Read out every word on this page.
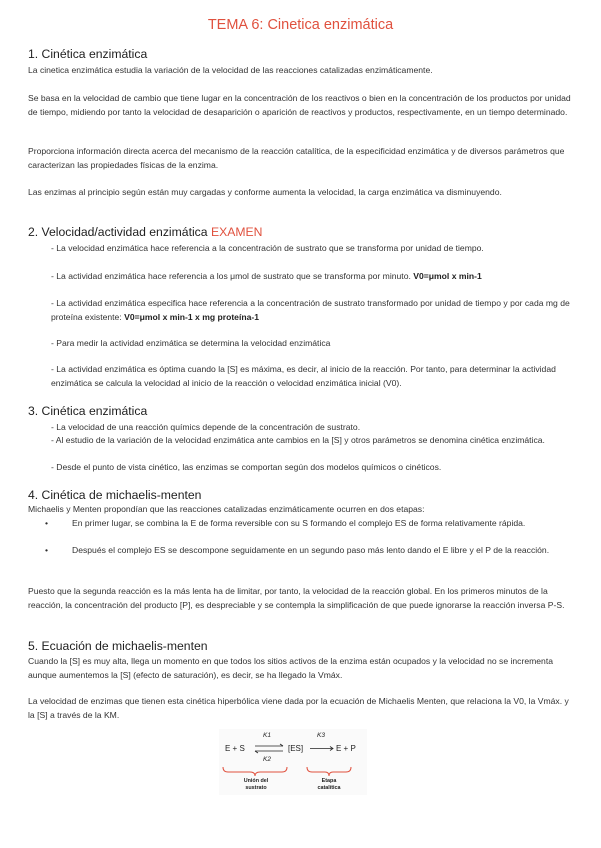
TEMA 6: Cinetica enzimática
1. Cinética enzimática
La cinetica enzimática estudia la variación de la velocidad de las reacciones catalizadas enzimáticamente.
Se basa en la velocidad de cambio que tiene lugar en la concentración de los reactivos o bien en la concentración de los productos por unidad de tiempo, midiendo por tanto la velocidad de desaparición o aparición de reactivos y productos, respectivamente, en un tiempo determinado.
Proporciona información directa acerca del mecanismo de la reacción catalítica, de la especificidad enzimática y de diversos parámetros que caracterizan las propiedades físicas de la enzima.
Las enzimas al principio según están muy cargadas y conforme aumenta la velocidad, la carga enzimática va disminuyendo.
2. Velocidad/actividad enzimática EXAMEN
- La velocidad enzimática hace referencia a la concentración de sustrato que se transforma por unidad de tiempo.
- La actividad enzimática hace referencia a los μmol de sustrato que se transforma por minuto. V0=μmol x min-1
- La actividad enzimática especifica hace referencia a la concentración de sustrato transformado por unidad de tiempo y por cada mg de proteína existente: V0=μmol x min-1 x mg proteína-1
- Para medir la actividad enzimática se determina la velocidad enzimática
- La actividad enzimática es óptima cuando la [S] es máxima, es decir, al inicio de la reacción. Por tanto, para determinar la actividad enzimática se calcula la velocidad al inicio de la reacción o velocidad enzimática inicial (V0).
3. Cinética enzimática
- La velocidad de una reacción químics depende de la concentración de sustrato.
- Al estudio de la variación de la velocidad enzimática ante cambios en la [S] y otros parámetros se denomina cinética enzimática.
- Desde el punto de vista cinético, las enzimas se comportan según dos modelos químicos o cinéticos.
4. Cinética de michaelis-menten
Michaelis y Menten propondían que las reacciones catalizadas enzimáticamente ocurren en dos etapas:
•	En primer lugar, se combina la E de forma reversible con su S formando el complejo ES de forma relativamente rápida.
•	Después el complejo ES se descompone seguidamente en un segundo paso más lento dando el E libre y el P de la reacción.
Puesto que la segunda reacción es la más lenta ha de limitar, por tanto, la velocidad de la reacción global. En los primeros minutos de la reacción, la concentración del producto [P], es despreciable y se contempla la simplificación de que puede ignorarse la reacción inversa P-S.
5. Ecuación de michaelis-menten
Cuando la [S] es muy alta, llega un momento en que todos los sitios activos de la enzima están ocupados y la velocidad no se incrementa aunque aumentemos la [S] (efecto de saturación), es decir, se ha llegado la Vmáx.
La velocidad de enzimas que tienen esta cinética hiperbólica viene dada por la ecuación de Michaelis Menten, que relaciona la V0, la Vmáx. y la [S] a través de la KM.
E + S
K1
K2
[ES]
K3
E + P
Unión del sustrato
Etapa catalítica
